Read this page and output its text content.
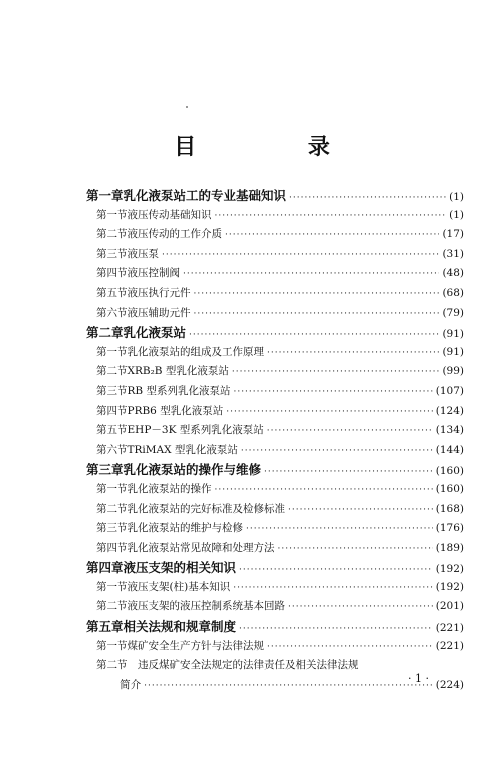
目 录
第一章 乳化液泵站工的专业基础知识 ·····	(1)
第一节 液压传动基础知识 ·····	(1)
第二节 液压传动的工作介质 ·····	(17)
第三节 液压泵 ·····	(31)
第四节 液压控制阀 ·····	(48)
第五节 液压执行元件 ·····	(68)
第六节 液压辅助元件 ·····	(79)
第二章 乳化液泵站 ·····	(91)
第一节 乳化液泵站的组成及工作原理 ·····	(91)
第二节 XRB₂B 型乳化液泵站 ·····	(99)
第三节 RB 型系列乳化液泵站 ·····	(107)
第四节 PRB6 型乳化液泵站 ·····	(124)
第五节 EHP－3K 型系列乳化液泵站 ·····	(134)
第六节 TRiMAX 型乳化液泵站 ·····	(144)
第三章 乳化液泵站的操作与维修 ·····	(160)
第一节 乳化液泵站的操作 ·····	(160)
第二节 乳化液泵站的完好标准及检修标准 ·····	(168)
第三节 乳化液泵站的维护与检修 ·····	(176)
第四节 乳化液泵站常见故障和处理方法 ·····	(189)
第四章 液压支架的相关知识 ·····	(192)
第一节 液压支架(柱)基本知识 ·····	(192)
第二节 液压支架的液压控制系统基本回路 ·····	(201)
第五章 相关法规和规章制度 ·····	(221)
第一节 煤矿安全生产方针与法律法规 ·····	(221)
第二节	违反煤矿安全法规定的法律责任及相关法律法规
简介 ·····	(224)
· 1 ·
